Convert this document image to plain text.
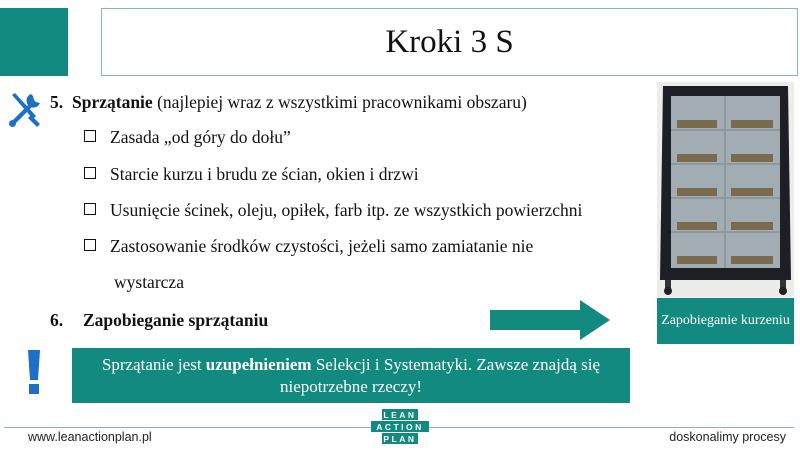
Kroki 3 S
5. Sprzątanie (najlepiej wraz z wszystkimi pracownikami obszaru)
Zasada „od góry do dołu”
Starcie kurzu i brudu ze ścian, okien i drzwi
Usunięcie ścinek, oleju, opiłek, farb itp. ze wszystkich powierzchni
Zastosowanie środków czystości, jeżeli samo zamiatanie nie
wystarcza
6. Zapobieganie sprzątaniu	Zapobieganie kurzeniu
Sprzątanie jest uzupełnieniem Selekcji i Systematyki. Zawsze znajdą się niepotrzebne rzeczy!
www.leanactionplan.pl	doskonalimy procesy
LEAN
ACTION
PLAN
